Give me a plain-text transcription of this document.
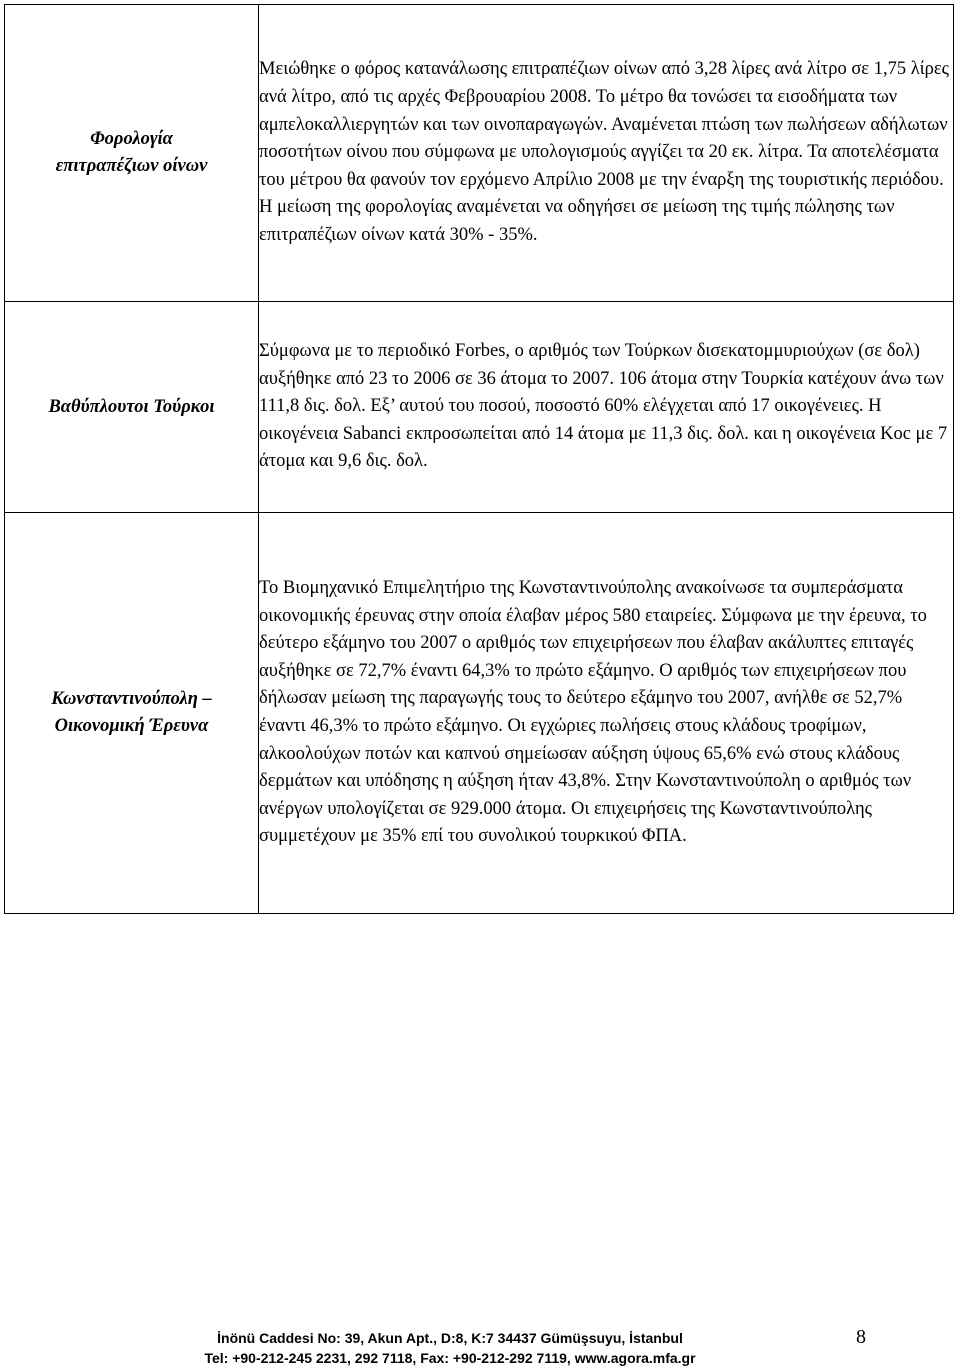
Φορολογία
επιτραπέζιων οίνων	Μειώθηκε ο φόρος κατανάλωσης επιτραπέζιων οίνων από 3,28 λίρες ανά λίτρο σε 1,75 λίρες ανά λίτρο, από τις αρχές Φεβρουαρίου 2008. Το μέτρο θα τονώσει τα εισοδήματα των αμπελοκαλλιεργητών και των οινοπαραγωγών. Αναμένεται πτώση των πωλήσεων αδήλωτων ποσοτήτων οίνου που σύμφωνα με υπολογισμούς αγγίζει τα 20 εκ. λίτρα. Τα αποτελέσματα του μέτρου θα φανούν τον ερχόμενο Απρίλιο 2008 με την έναρξη της τουριστικής περιόδου. Η μείωση της φορολογίας αναμένεται να οδηγήσει σε μείωση της τιμής πώλησης των επιτραπέζιων οίνων κατά 30% - 35%.

Βαθύπλουτοι Τούρκοι	Σύμφωνα με το περιοδικό Forbes, ο αριθμός των Τούρκων δισεκατομμυριούχων (σε δολ) αυξήθηκε από 23 το 2006 σε 36 άτομα το 2007. 106 άτομα στην Τουρκία κατέχουν άνω των 111,8 δις. δολ. Εξ’ αυτού του ποσού, ποσοστό 60% ελέγχεται από 17 οικογένειες. Η οικογένεια Sabanci εκπροσωπείται από 14 άτομα με 11,3 δις. δολ. και η οικογένεια Koc με 7 άτομα και 9,6 δις. δολ.

Κωνσταντινούπολη –
Οικονομική Έρευνα	Το Βιομηχανικό Επιμελητήριο της Κωνσταντινούπολης ανακοίνωσε τα συμπεράσματα οικονομικής έρευνας στην οποία έλαβαν μέρος 580 εταιρείες. Σύμφωνα με την έρευνα, το δεύτερο εξάμηνο του 2007 ο αριθμός των επιχειρήσεων που έλαβαν ακάλυπτες επιταγές αυξήθηκε σε 72,7% έναντι 64,3% το πρώτο εξάμηνο. Ο αριθμός των επιχειρήσεων που δήλωσαν μείωση της παραγωγής τους το δεύτερο εξάμηνο του 2007, ανήλθε σε 52,7% έναντι 46,3% το πρώτο εξάμηνο. Οι εγχώριες πωλήσεις στους κλάδους τροφίμων, αλκοολούχων ποτών και καπνού σημείωσαν αύξηση ύψους 65,6% ενώ στους κλάδους δερμάτων και υπόδησης η αύξηση ήταν 43,8%. Στην Κωνσταντινούπολη ο αριθμός των ανέργων υπολογίζεται σε 929.000 άτομα. Οι επιχειρήσεις της Κωνσταντινούπολης συμμετέχουν με 35% επί του συνολικού τουρκικού ΦΠΑ.

İnönü Caddesi No: 39, Akun Apt., D:8, K:7 34437 Gümüşsuyu, İstanbul
Tel: +90-212-245 2231, 292 7118, Fax: +90-212-292 7119, www.agora.mfa.gr
8
